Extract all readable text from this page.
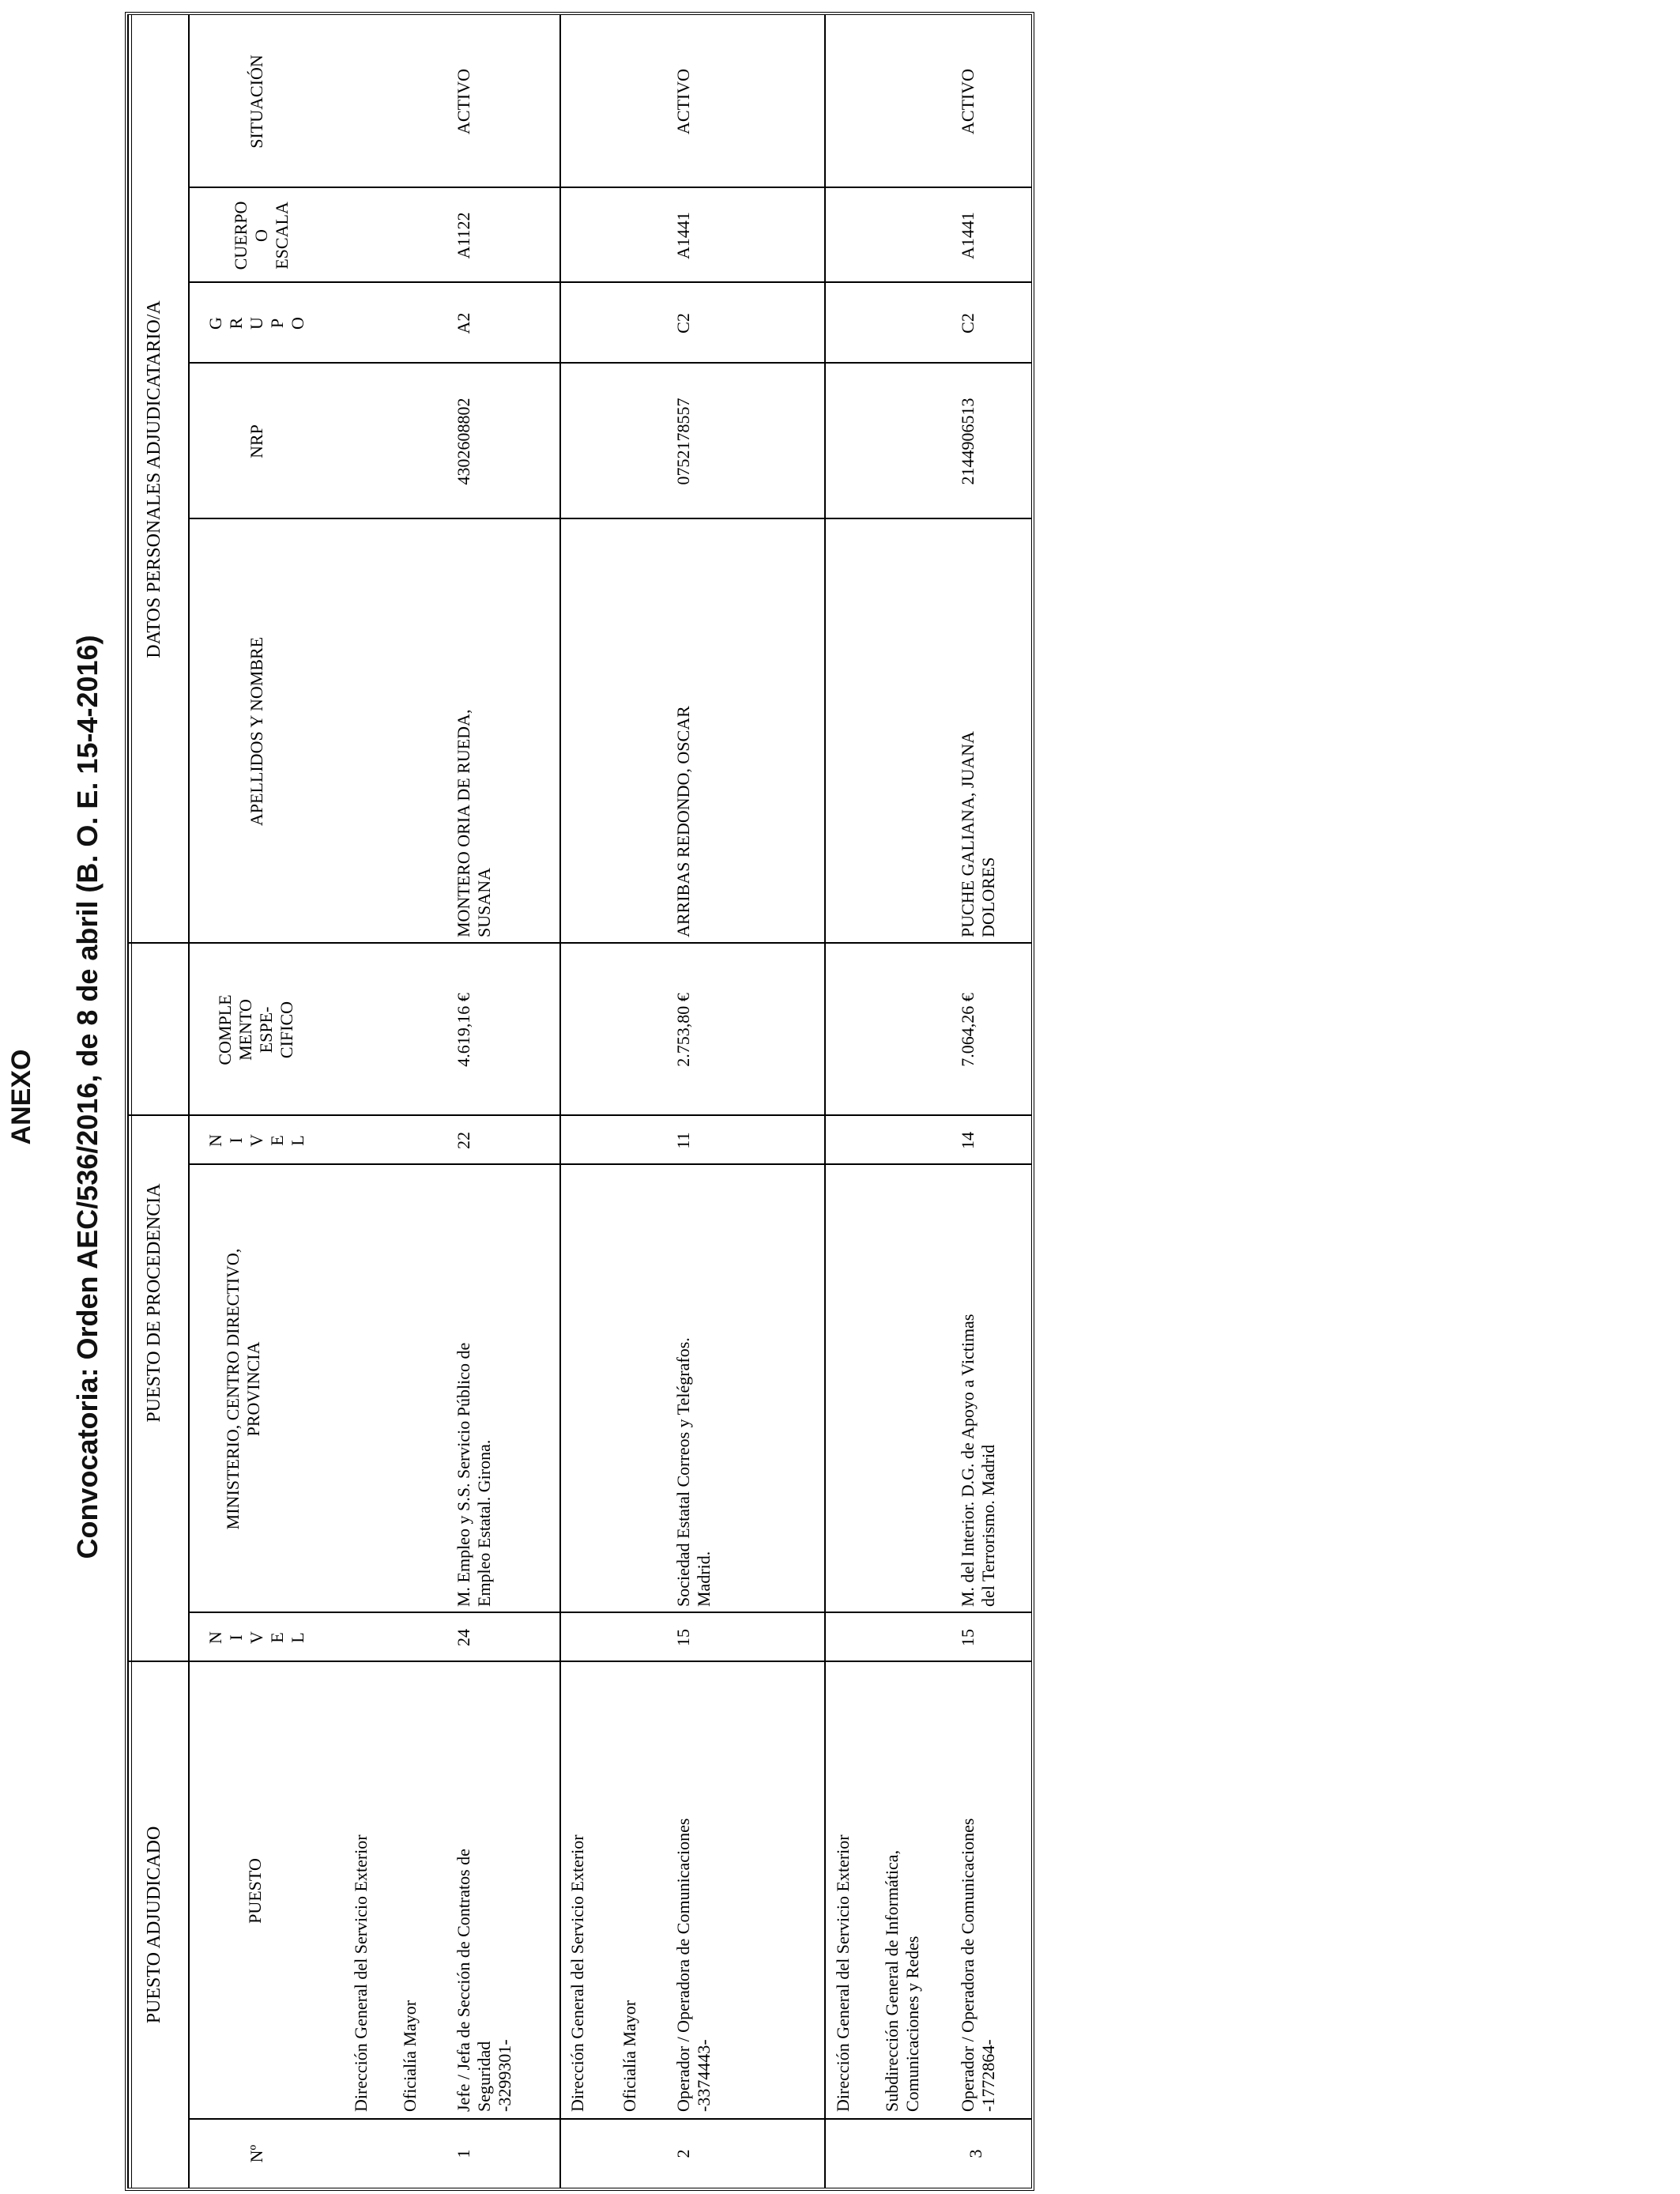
ANEXO Convocatoria: Orden AEC/536/2016, de 8 de abril (B. O. E. 15-4-2016)
PUESTO ADJUDICADO
PUESTO DE PROCEDENCIA
DATOS PERSONALES ADJUDICATARIO/A
Nº
PUESTO
N
I
V
E
L
MINISTERIO, CENTRO DIRECTIVO,
PROVINCIA
N
I
V
E
L
COMPLE
MENTO
ESPE-
CIFICO
APELLIDOS Y NOMBRE
NRP
G
R
U
P
O
CUERPO
O
ESCALA
SITUACIÓN
Dirección General del Servicio Exterior Oficialía Mayor
1
Jefe / Jefa de Sección de Contratos de
Seguridad
-3299301-
24
M. Empleo y S.S. Servicio Público de
Empleo Estatal. Girona.
22
4.619,16 €
MONTERO ORIA DE RUEDA,
SUSANA
4302608802
A2
A1122
ACTIVO
Dirección General del Servicio Exterior Oficialía Mayor
2
Operador / Operadora de Comunicaciones
-3374443-
15
Sociedad Estatal Correos y Telégrafos.
Madrid.
11
2.753,80 €
ARRIBAS REDONDO, OSCAR
0752178557
C2
A1441
ACTIVO
Dirección General del Servicio Exterior Subdirección General de Informática,
Comunicaciones y Redes
3
Operador / Operadora de Comunicaciones
-1772864-
15
M. del Interior. D.G. de Apoyo a Victimas
del Terrorismo. Madrid
14
7.064,26 €
PUCHE GALIANA, JUANA
DOLORES
2144906513
C2
A1441
ACTIVO
